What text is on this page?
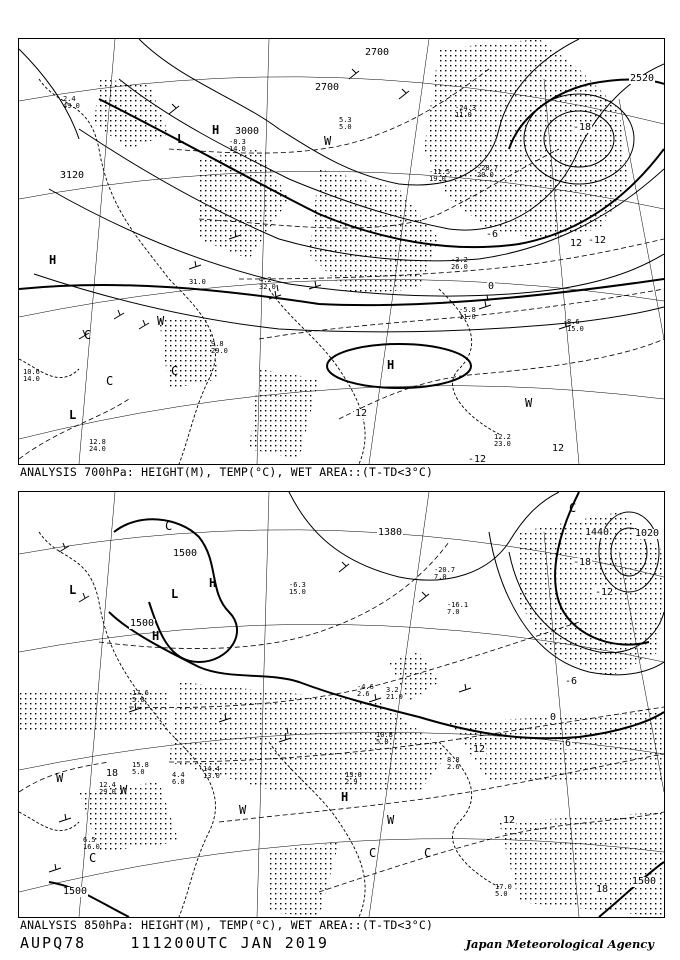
2700
2700
2520
3000
3120
-18
-12
-6
0
12
12
-12
12
H
H
L
L
H
W
W
W
C
C
C
2.4
49.0
-8.3
14.0
31.0
9.8
29.0
10.6
14.0
12.8
24.0
12.2
23.0
-5.8
11.0
8.6
15.0
-11.5
19.0
-24.3
11.0
-28.7
20.0
-3.2
26.0
5.3
5.0
4.2
32.0
ANALYSIS 700hPa: HEIGHT(M), TEMP(°C), WET AREA::(T-TD<3°C)
1500
1500
1500
1500
1380	1440	1020
-18
-12
-6
0
6
12
12
18
18
H
L
H
H
L
W
W
W
W
C
C	C	C
C
6.5
16.0
12.4
29.0
17.6
5.0
17.0
5.0
13.0
2.9
10.8
5.0
3.2
21.0
-6.3
15.0
-20.7
7.0
-16.1
7.0
4.4
6.0
8.8
2.6
14.4
13.0
15.8
5.0
-4.6
2.6
ANALYSIS 850hPa: HEIGHT(M), TEMP(°C), WET AREA::(T-TD<3°C)
AUPQ78	111200UTC JAN 2019	Japan Meteorological Agency
